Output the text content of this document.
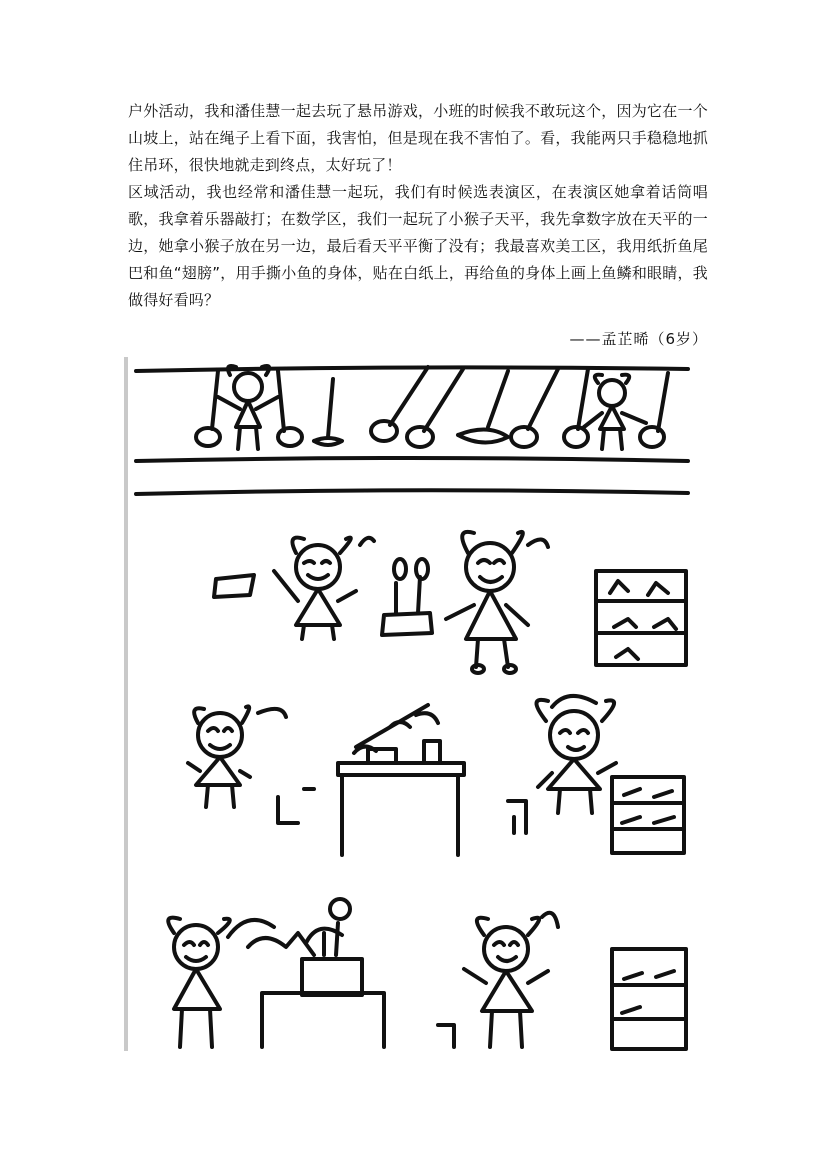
户外活动，我和潘佳慧一起去玩了悬吊游戏，小班的时候我不敢玩这个，因为它在一个山坡上，站在绳子上看下面，我害怕，但是现在我不害怕了。看，我能两只手稳稳地抓住吊环，很快地就走到终点，太好玩了！

区域活动，我也经常和潘佳慧一起玩，我们有时候选表演区，在表演区她拿着话筒唱歌，我拿着乐器敲打；在数学区，我们一起玩了小猴子天平，我先拿数字放在天平的一边，她拿小猴子放在另一边，最后看天平平衡了没有；我最喜欢美工区，我用纸折鱼尾巴和鱼“翅膀”，用手撕小鱼的身体，贴在白纸上，再给鱼的身体上画上鱼鳞和眼睛，我做得好看吗？

——孟芷晞（6岁）
